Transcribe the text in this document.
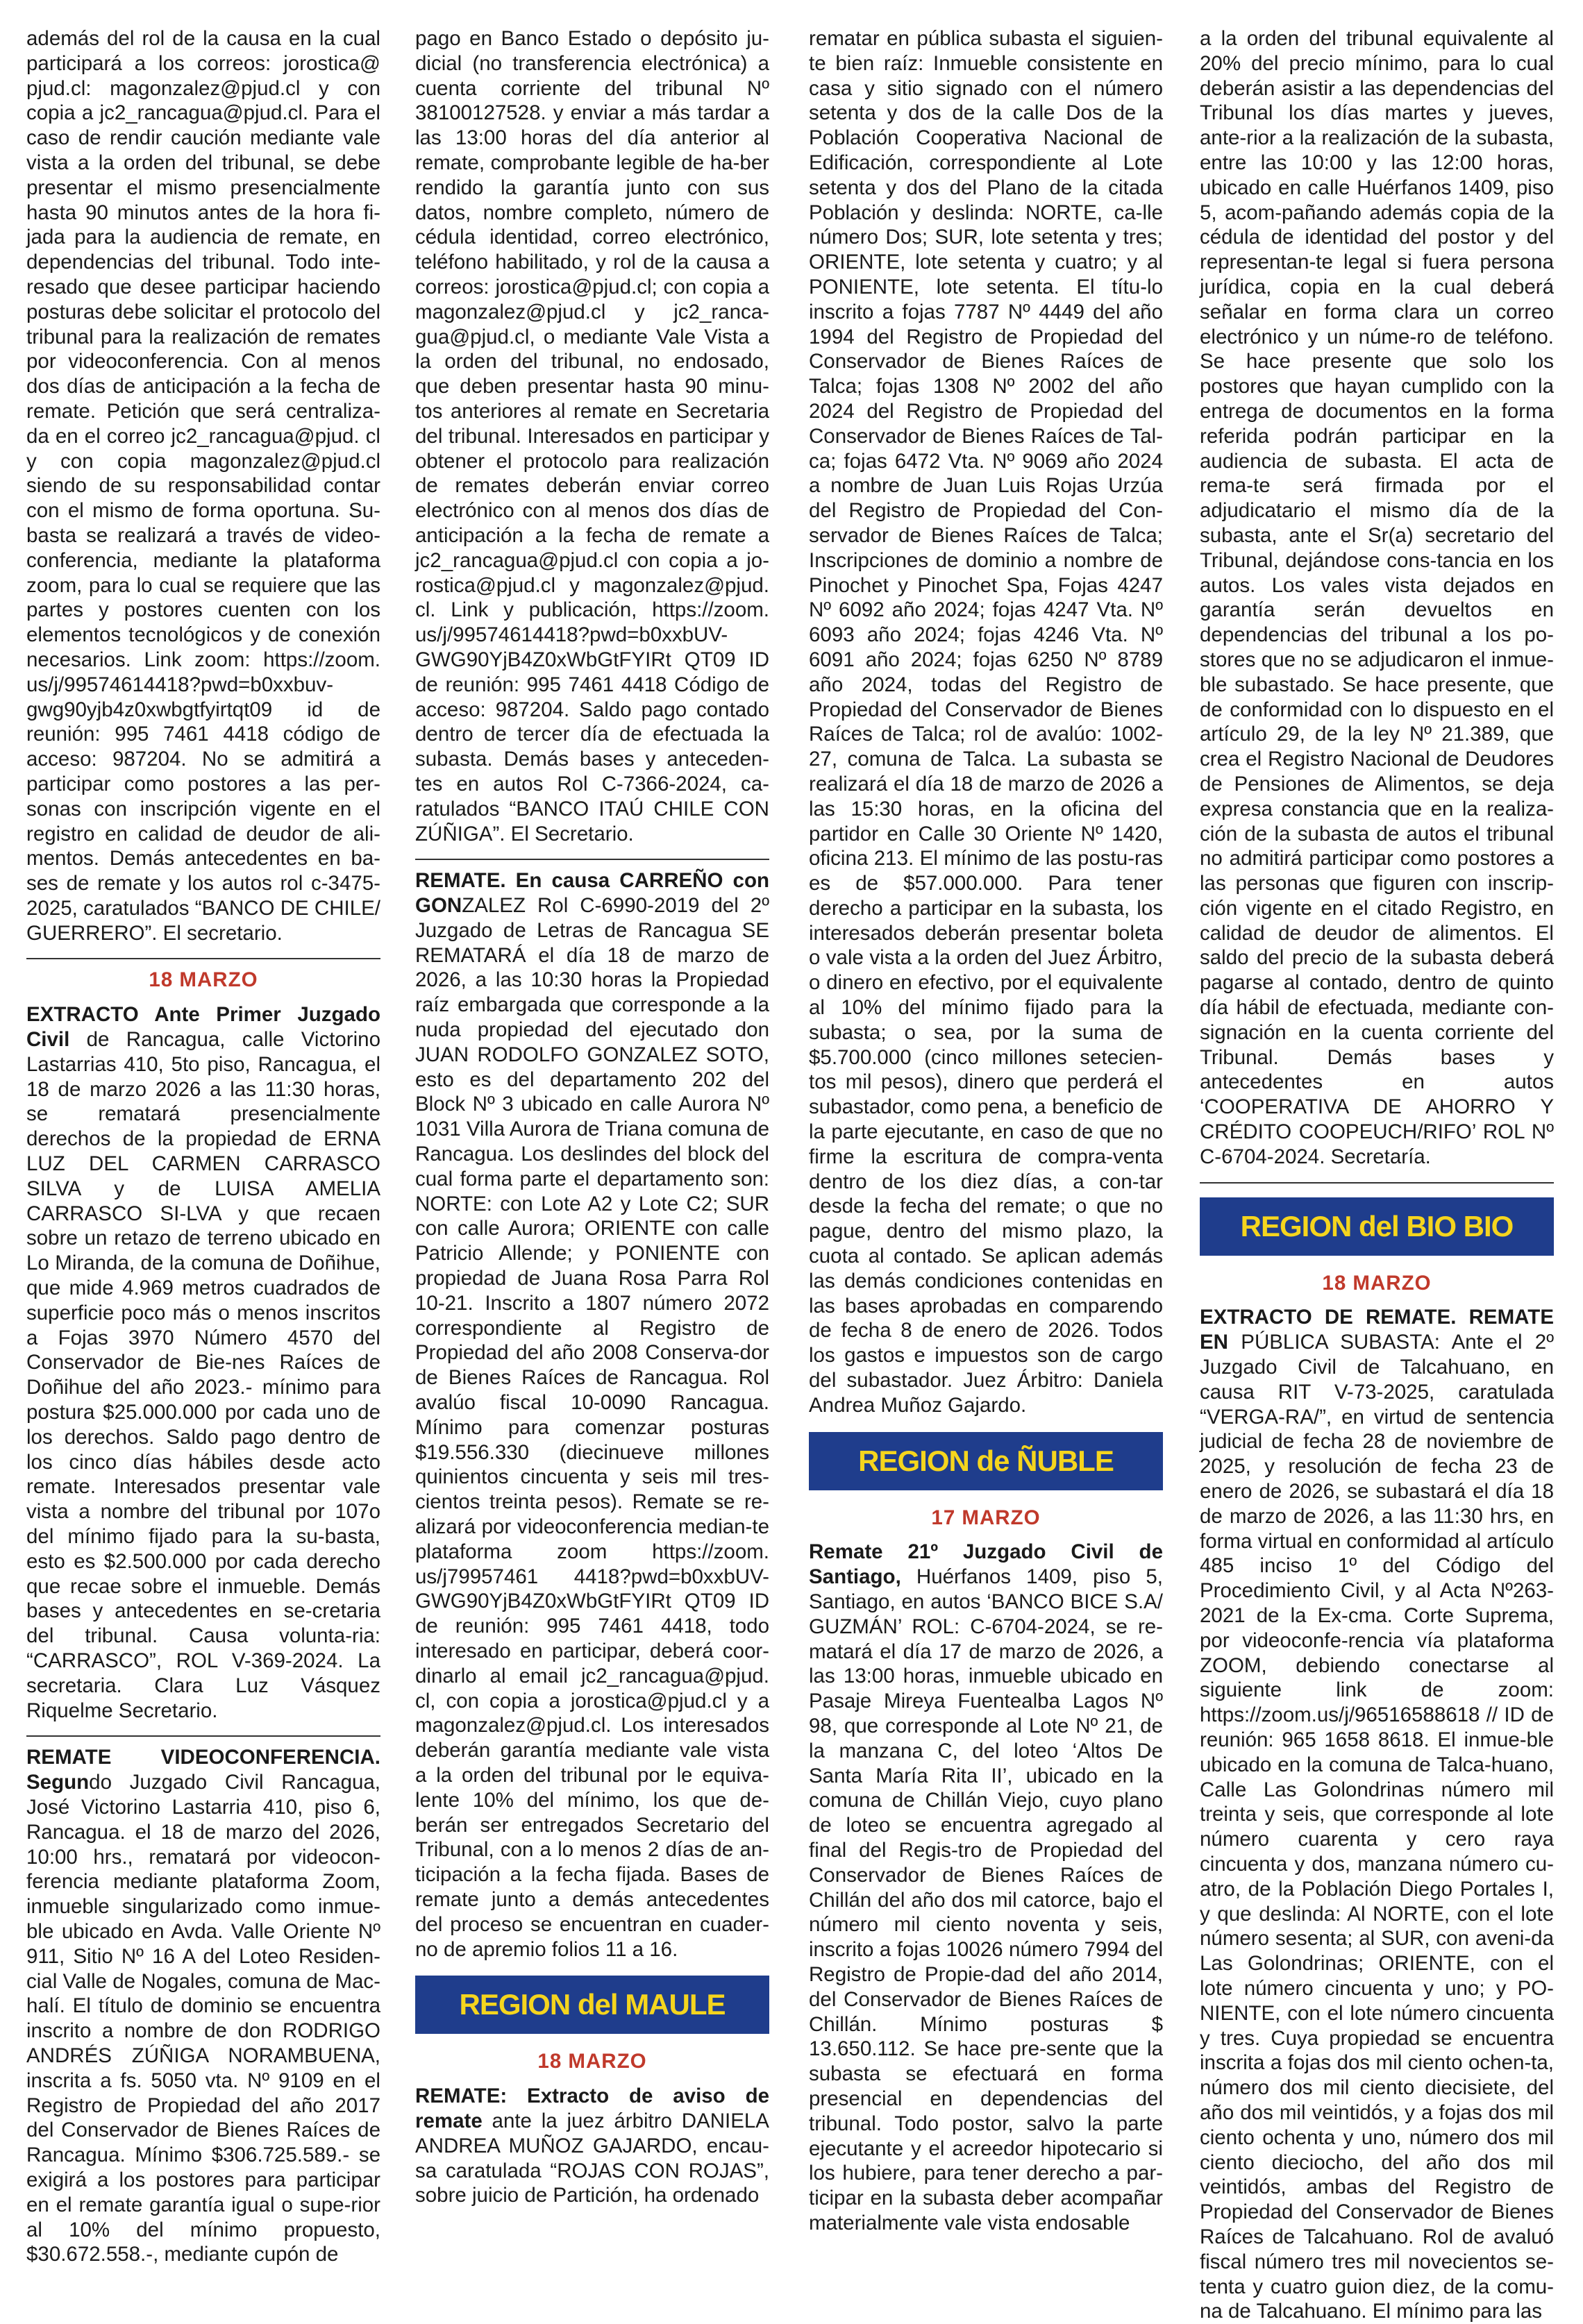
además del rol de la causa en la cual participará a los correos: jorostica@ pjud.cl: magonzalez@pjud.cl y con copia a jc2_rancagua@pjud.cl. Para el caso de rendir caución mediante vale vista a la orden del tribunal, se debe presentar el mismo presencialmente hasta 90 minutos antes de la hora fi-jada para la audiencia de remate, en dependencias del tribunal. Todo inte-resado que desee participar haciendo posturas debe solicitar el protocolo del tribunal para la realización de remates por videoconferencia. Con al menos dos días de anticipación a la fecha de remate. Petición que será centraliza-da en el correo jc2_rancagua@pjud. cl y con copia magonzalez@pjud.cl siendo de su responsabilidad contar con el mismo de forma oportuna. Su-basta se realizará a través de video-conferencia, mediante la plataforma zoom, para lo cual se requiere que las partes y postores cuenten con los elementos tecnológicos y de conexión necesarios. Link zoom: https://zoom. us/j/99574614418?pwd=b0xxbuv-gwg90yjb4z0xwbgtfyirtqt09 id de reunión: 995 7461 4418 código de acceso: 987204. No se admitirá a participar como postores a las per-sonas con inscripción vigente en el registro en calidad de deudor de ali-mentos. Demás antecedentes en ba-ses de remate y los autos rol c-3475-2025, caratulados “BANCO DE CHILE/ GUERRERO”. El secretario.

18 MARZO

EXTRACTO Ante Primer Juzgado Civil de Rancagua, calle Victorino Lastarrias 410, 5to piso, Rancagua, el 18 de marzo 2026 a las 11:30 horas, se rematará presencialmente derechos de la propiedad de ERNA LUZ DEL CARMEN CARRASCO SILVA y de LUISA AMELIA CARRASCO SI-LVA y que recaen sobre un retazo de terreno ubicado en Lo Miranda, de la comuna de Doñihue, que mide 4.969 metros cuadrados de superficie poco más o menos inscritos a Fojas 3970 Número 4570 del Conservador de Bie-nes Raíces de Doñihue del año 2023.- mínimo para postura $25.000.000 por cada uno de los derechos. Saldo pago dentro de los cinco días hábiles desde acto remate. Interesados presentar vale vista a nombre del tribunal por 107o del mínimo fijado para la su-basta, esto es $2.500.000 por cada derecho que recae sobre el inmueble. Demás bases y antecedentes en se-cretaria del tribunal. Causa volunta-ria: “CARRASCO”, ROL V-369-2024. La secretaria. Clara Luz Vásquez Riquelme Secretario.

REMATE VIDEOCONFERENCIA. Segundo Juzgado Civil Rancagua, José Victorino Lastarria 410, piso 6, Rancagua. el 18 de marzo del 2026, 10:00 hrs., rematará por videocon-ferencia mediante plataforma Zoom, inmueble singularizado como inmue-ble ubicado en Avda. Valle Oriente Nº 911, Sitio Nº 16 A del Loteo Residen-cial Valle de Nogales, comuna de Mac-halí. El título de dominio se encuentra inscrito a nombre de don RODRIGO ANDRÉS ZÚÑIGA NORAMBUENA, inscrita a fs. 5050 vta. Nº 9109 en el Registro de Propiedad del año 2017 del Conservador de Bienes Raíces de Rancagua. Mínimo $306.725.589.- se exigirá a los postores para participar en el remate garantía igual o supe-rior al 10% del mínimo propuesto, $30.672.558.-, mediante cupón de

pago en Banco Estado o depósito ju-dicial (no transferencia electrónica) a cuenta corriente del tribunal Nº 38100127528. y enviar a más tardar a las 13:00 horas del día anterior al remate, comprobante legible de ha-ber rendido la garantía junto con sus datos, nombre completo, número de cédula identidad, correo electrónico, teléfono habilitado, y rol de la causa a correos: jorostica@pjud.cl; con copia a magonzalez@pjud.cl y jc2_ranca-gua@pjud.cl, o mediante Vale Vista a la orden del tribunal, no endosado, que deben presentar hasta 90 minu-tos anteriores al remate en Secretaria del tribunal. Interesados en participar y obtener el protocolo para realización de remates deberán enviar correo electrónico con al menos dos días de anticipación a la fecha de remate a jc2_rancagua@pjud.cl con copia a jo-rostica@pjud.cl y magonzalez@pjud. cl. Link y publicación, https://zoom. us/j/99574614418?pwd=b0xxbUV-GWG90YjB4Z0xWbGtFYIRt QT09 ID de reunión: 995 7461 4418 Código de acceso: 987204. Saldo pago contado dentro de tercer día de efectuada la subasta. Demás bases y anteceden-tes en autos Rol C-7366-2024, ca-ratulados “BANCO ITAÚ CHILE CON ZÚÑIGA”. El Secretario.

REMATE. En causa CARREÑO con GONZALEZ Rol C-6990-2019 del 2º Juzgado de Letras de Rancagua SE REMATARÁ el día 18 de marzo de 2026, a las 10:30 horas la Propiedad raíz embargada que corresponde a la nuda propiedad del ejecutado don JUAN RODOLFO GONZALEZ SOTO, esto es del departamento 202 del Block Nº 3 ubicado en calle Aurora Nº 1031 Villa Aurora de Triana comuna de Rancagua. Los deslindes del block del cual forma parte el departamento son: NORTE: con Lote A2 y Lote C2; SUR con calle Aurora; ORIENTE con calle Patricio Allende; y PONIENTE con propiedad de Juana Rosa Parra Rol 10-21. Inscrito a 1807 número 2072 correspondiente al Registro de Propiedad del año 2008 Conserva-dor de Bienes Raíces de Rancagua. Rol avalúo fiscal 10-0090 Rancagua. Mínimo para comenzar posturas $19.556.330 (diecinueve millones quinientos cincuenta y seis mil tres-cientos treinta pesos). Remate se re-alizará por videoconferencia median-te plataforma zoom https://zoom. us/j79957461 4418?pwd=b0xxbUV-GWG90YjB4Z0xWbGtFYIRt QT09 ID de reunión: 995 7461 4418, todo interesado en participar, deberá coor-dinarlo al email jc2_rancagua@pjud. cl, con copia a jorostica@pjud.cl y a magonzalez@pjud.cl. Los interesados deberán garantía mediante vale vista a la orden del tribunal por le equiva-lente 10% del mínimo, los que de-berán ser entregados Secretario del Tribunal, con a lo menos 2 días de an-ticipación a la fecha fijada. Bases de remate junto a demás antecedentes del proceso se encuentran en cuader-no de apremio folios 11 a 16.

REGION del MAULE
18 MARZO

REMATE: Extracto de aviso de remate ante la juez árbitro DANIELA ANDREA MUÑOZ GAJARDO, encau-sa caratulada “ROJAS CON ROJAS”, sobre juicio de Partición, ha ordenado

rematar en pública subasta el siguien-te bien raíz: Inmueble consistente en casa y sitio signado con el número setenta y dos de la calle Dos de la Población Cooperativa Nacional de Edificación, correspondiente al Lote setenta y dos del Plano de la citada Población y deslinda: NORTE, ca-lle número Dos; SUR, lote setenta y tres; ORIENTE, lote setenta y cuatro; y al PONIENTE, lote setenta. El títu-lo inscrito a fojas 7787 Nº 4449 del año 1994 del Registro de Propiedad del Conservador de Bienes Raíces de Talca; fojas 1308 Nº 2002 del año 2024 del Registro de Propiedad del Conservador de Bienes Raíces de Tal-ca; fojas 6472 Vta. Nº 9069 año 2024 a nombre de Juan Luis Rojas Urzúa del Registro de Propiedad del Con-servador de Bienes Raíces de Talca; Inscripciones de dominio a nombre de Pinochet y Pinochet Spa, Fojas 4247 Nº 6092 año 2024; fojas 4247 Vta. Nº 6093 año 2024; fojas 4246 Vta. Nº 6091 año 2024; fojas 6250 Nº 8789 año 2024, todas del Registro de Propiedad del Conservador de Bienes Raíces de Talca; rol de avalúo: 1002-27, comuna de Talca. La subasta se realizará el día 18 de marzo de 2026 a las 15:30 horas, en la oficina del partidor en Calle 30 Oriente Nº 1420, oficina 213. El mínimo de las postu-ras es de $57.000.000. Para tener derecho a participar en la subasta, los interesados deberán presentar boleta o vale vista a la orden del Juez Árbitro, o dinero en efectivo, por el equivalente al 10% del mínimo fijado para la subasta; o sea, por la suma de $5.700.000 (cinco millones setecien-tos mil pesos), dinero que perderá el subastador, como pena, a beneficio de la parte ejecutante, en caso de que no firme la escritura de compra-venta dentro de los diez días, a con-tar desde la fecha del remate; o que no pague, dentro del mismo plazo, la cuota al contado. Se aplican además las demás condiciones contenidas en las bases aprobadas en comparendo de fecha 8 de enero de 2026. Todos los gastos e impuestos son de cargo del subastador. Juez Árbitro: Daniela Andrea Muñoz Gajardo.

REGION de ÑUBLE
17 MARZO

Remate 21º Juzgado Civil de Santiago, Huérfanos 1409, piso 5, Santiago, en autos ‘BANCO BICE S.A/ GUZMÁN’ ROL: C-6704-2024, se re-matará el día 17 de marzo de 2026, a las 13:00 horas, inmueble ubicado en Pasaje Mireya Fuentealba Lagos Nº 98, que corresponde al Lote Nº 21, de la manzana C, del loteo ‘Altos De Santa María Rita II’, ubicado en la comuna de Chillán Viejo, cuyo plano de loteo se encuentra agregado al final del Regis-tro de Propiedad del Conservador de Bienes Raíces de Chillán del año dos mil catorce, bajo el número mil ciento noventa y seis, inscrito a fojas 10026 número 7994 del Registro de Propie-dad del año 2014, del Conservador de Bienes Raíces de Chillán. Mínimo posturas $ 13.650.112. Se hace pre-sente que la subasta se efectuará en forma presencial en dependencias del tribunal. Todo postor, salvo la parte ejecutante y el acreedor hipotecario si los hubiere, para tener derecho a par-ticipar en la subasta deber acompañar materialmente vale vista endosable

a la orden del tribunal equivalente al 20% del precio mínimo, para lo cual deberán asistir a las dependencias del Tribunal los días martes y jueves, ante-rior a la realización de la subasta, entre las 10:00 y las 12:00 horas, ubicado en calle Huérfanos 1409, piso 5, acom-pañando además copia de la cédula de identidad del postor y del representan-te legal si fuera persona jurídica, copia en la cual deberá señalar en forma clara un correo electrónico y un núme-ro de teléfono. Se hace presente que solo los postores que hayan cumplido con la entrega de documentos en la forma referida podrán participar en la audiencia de subasta. El acta de rema-te será firmada por el adjudicatario el mismo día de la subasta, ante el Sr(a) secretario del Tribunal, dejándose cons-tancia en los autos. Los vales vista dejados en garantía serán devueltos en dependencias del tribunal a los po-stores que no se adjudicaron el inmue-ble subastado. Se hace presente, que de conformidad con lo dispuesto en el artículo 29, de la ley Nº 21.389, que crea el Registro Nacional de Deudores de Pensiones de Alimentos, se deja expresa constancia que en la realiza-ción de la subasta de autos el tribunal no admitirá participar como postores a las personas que figuren con inscrip-ción vigente en el citado Registro, en calidad de deudor de alimentos. El saldo del precio de la subasta deberá pagarse al contado, dentro de quinto día hábil de efectuada, mediante con-signación en la cuenta corriente del Tribunal. Demás bases y antecedentes en autos ‘COOPERATIVA DE AHORRO Y CRÉDITO COOPEUCH/RIFO’ ROL Nº C-6704-2024. Secretaría.

REGION del BIO BIO
18 MARZO

EXTRACTO DE REMATE. REMATE EN PÚBLICA SUBASTA: Ante el 2º Juzgado Civil de Talcahuano, en causa RIT V-73-2025, caratulada “VERGA-RA/”, en virtud de sentencia judicial de fecha 28 de noviembre de 2025, y resolución de fecha 23 de enero de 2026, se subastará el día 18 de marzo de 2026, a las 11:30 hrs, en forma virtual en conformidad al artículo 485 inciso 1º del Código del Procedimiento Civil, y al Acta Nº263- 2021 de la Ex-cma. Corte Suprema, por videoconfe-rencia vía plataforma ZOOM, debiendo conectarse al siguiente link de zoom: https://zoom.us/j/96516588618 // ID de reunión: 965 1658 8618. El inmue-ble ubicado en la comuna de Talca-huano, Calle Las Golondrinas número mil treinta y seis, que corresponde al lote número cuarenta y cero raya cincuenta y dos, manzana número cu-atro, de la Población Diego Portales I, y que deslinda: Al NORTE, con el lote número sesenta; al SUR, con aveni-da Las Golondrinas; ORIENTE, con el lote número cincuenta y uno; y PO-NIENTE, con el lote número cincuenta y tres. Cuya propiedad se encuentra inscrita a fojas dos mil ciento ochen-ta, número dos mil ciento diecisiete, del año dos mil veintidós, y a fojas dos mil ciento ochenta y uno, número dos mil ciento dieciocho, del año dos mil veintidós, ambas del Registro de Propiedad del Conservador de Bienes Raíces de Talcahuano. Rol de avaluó fiscal número tres mil novecientos se-tenta y cuatro guion diez, de la comu-na de Talcahuano. El mínimo para las
